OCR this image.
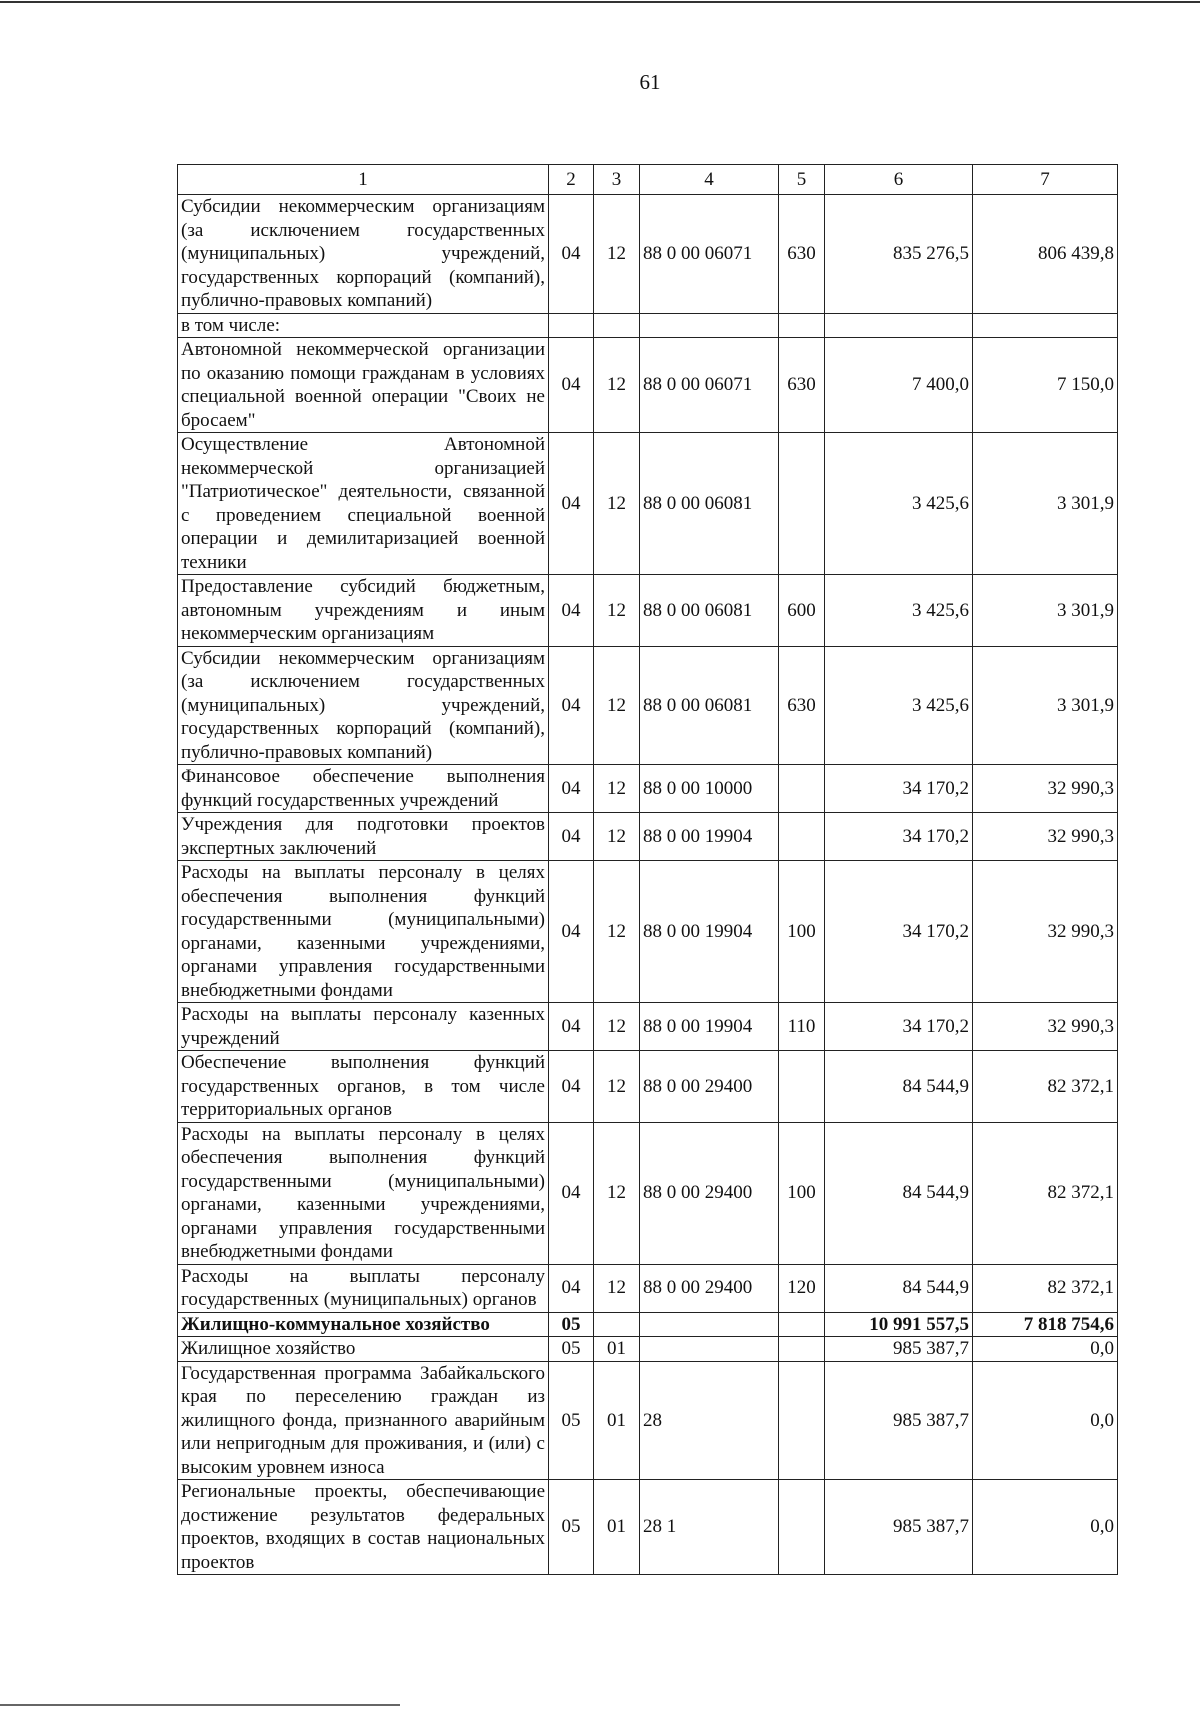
61
1	2	3	4	5	6	7
Субсидии некоммерческим организациям (за исключением государственных (муниципальных) учреждений, государственных корпораций (компаний), публично-правовых компаний)	04	12	88 0 00 06071	630	835 276,5	806 439,8
в том числе:						
Автономной некоммерческой организации по оказанию помощи гражданам в условиях специальной военной операции "Своих не бросаем"	04	12	88 0 00 06071	630	7 400,0	7 150,0
Осуществление Автономной некоммерческой организацией "Патриотическое" деятельности, связанной с проведением специальной военной операции и демилитаризацией военной техники	04	12	88 0 00 06081		3 425,6	3 301,9
Предоставление субсидий бюджетным, автономным учреждениям и иным некоммерческим организациям	04	12	88 0 00 06081	600	3 425,6	3 301,9
Субсидии некоммерческим организациям (за исключением государственных (муниципальных) учреждений, государственных корпораций (компаний), публично-правовых компаний)	04	12	88 0 00 06081	630	3 425,6	3 301,9
Финансовое обеспечение выполнения функций государственных учреждений	04	12	88 0 00 10000		34 170,2	32 990,3
Учреждения для подготовки проектов экспертных заключений	04	12	88 0 00 19904		34 170,2	32 990,3
Расходы на выплаты персоналу в целях обеспечения выполнения функций государственными (муниципальными) органами, казенными учреждениями, органами управления государственными внебюджетными фондами	04	12	88 0 00 19904	100	34 170,2	32 990,3
Расходы на выплаты персоналу казенных учреждений	04	12	88 0 00 19904	110	34 170,2	32 990,3
Обеспечение выполнения функций государственных органов, в том числе территориальных органов	04	12	88 0 00 29400		84 544,9	82 372,1
Расходы на выплаты персоналу в целях обеспечения выполнения функций государственными (муниципальными) органами, казенными учреждениями, органами управления государственными внебюджетными фондами	04	12	88 0 00 29400	100	84 544,9	82 372,1
Расходы на выплаты персоналу государственных (муниципальных) органов	04	12	88 0 00 29400	120	84 544,9	82 372,1
Жилищно-коммунальное хозяйство	05				10 991 557,5	7 818 754,6
Жилищное хозяйство	05	01			985 387,7	0,0
Государственная программа Забайкальского края по переселению граждан из жилищного фонда, признанного аварийным или непригодным для проживания, и (или) с высоким уровнем износа	05	01	28		985 387,7	0,0
Региональные проекты, обеспечивающие достижение результатов федеральных проектов, входящих в состав национальных проектов	05	01	28 1		985 387,7	0,0
